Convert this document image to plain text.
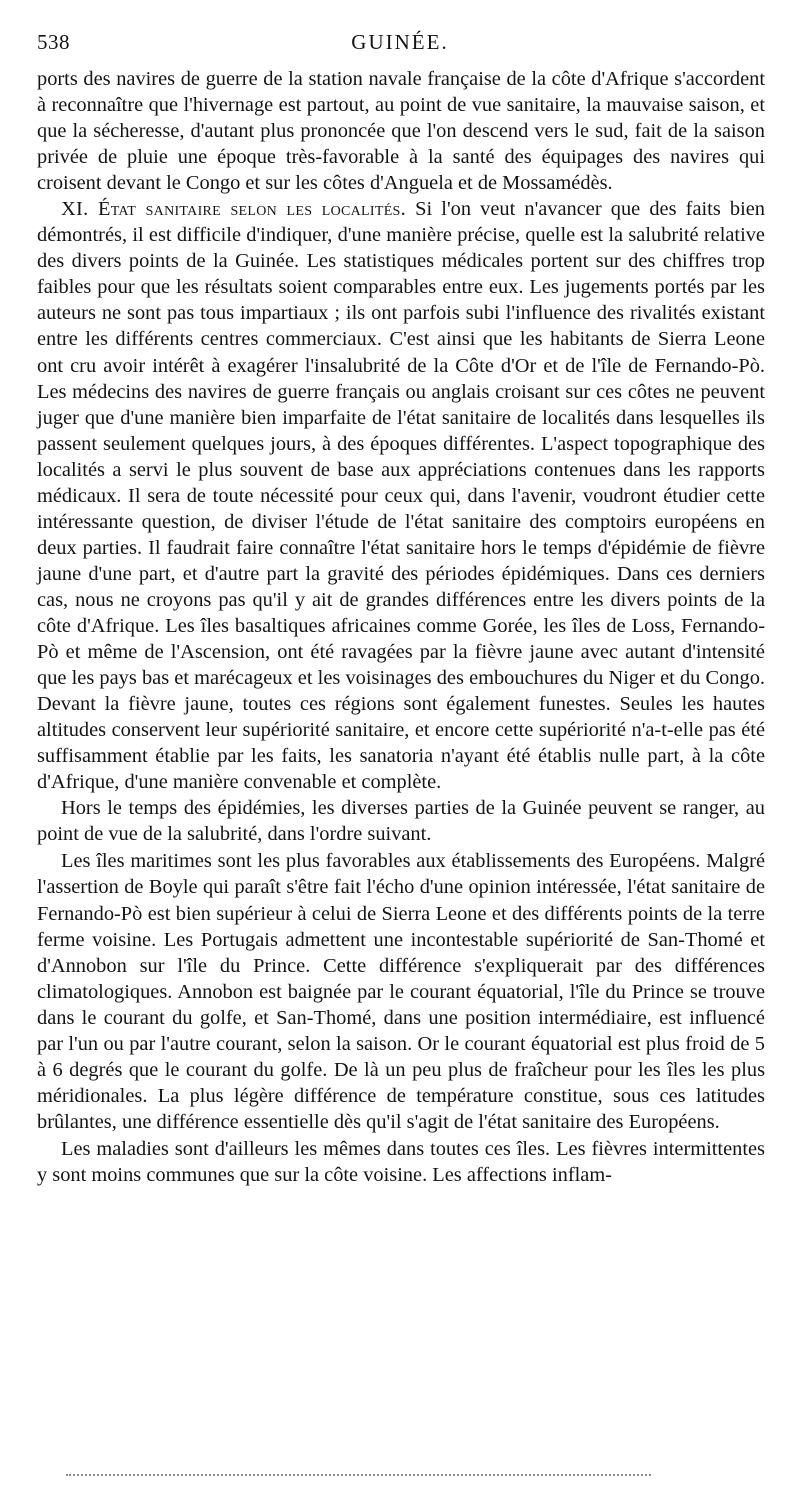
538	GUINÉE.

ports des navires de guerre de la station navale française de la côte d'Afrique s'accordent à reconnaître que l'hivernage est partout, au point de vue sanitaire, la mauvaise saison, et que la sécheresse, d'autant plus prononcée que l'on descend vers le sud, fait de la saison privée de pluie une époque très-favorable à la santé des équipages des navires qui croisent devant le Congo et sur les côtes d'Anguela et de Mossamédès.

XI. État sanitaire selon les localités. Si l'on veut n'avancer que des faits bien démontrés, il est difficile d'indiquer, d'une manière précise, quelle est la salubrité relative des divers points de la Guinée. Les statistiques médicales portent sur des chiffres trop faibles pour que les résultats soient comparables entre eux. Les jugements portés par les auteurs ne sont pas tous impartiaux ; ils ont parfois subi l'influence des rivalités existant entre les différents centres commerciaux. C'est ainsi que les habitants de Sierra Leone ont cru avoir intérêt à exagérer l'insalubrité de la Côte d'Or et de l'île de Fernando-Pò. Les médecins des navires de guerre français ou anglais croisant sur ces côtes ne peuvent juger que d'une manière bien imparfaite de l'état sanitaire de localités dans lesquelles ils passent seulement quelques jours, à des époques différentes. L'aspect topographique des localités a servi le plus souvent de base aux appréciations contenues dans les rapports médicaux. Il sera de toute nécessité pour ceux qui, dans l'avenir, voudront étudier cette intéressante question, de diviser l'étude de l'état sanitaire des comptoirs européens en deux parties. Il faudrait faire connaître l'état sanitaire hors le temps d'épidémie de fièvre jaune d'une part, et d'autre part la gravité des périodes épidémiques. Dans ces derniers cas, nous ne croyons pas qu'il y ait de grandes différences entre les divers points de la côte d'Afrique. Les îles basaltiques africaines comme Gorée, les îles de Loss, Fernando-Pò et même de l'Ascension, ont été ravagées par la fièvre jaune avec autant d'intensité que les pays bas et marécageux et les voisinages des embouchures du Niger et du Congo. Devant la fièvre jaune, toutes ces régions sont également funestes. Seules les hautes altitudes conservent leur supériorité sanitaire, et encore cette supériorité n'a-t-elle pas été suffisamment établie par les faits, les sanatoria n'ayant été établis nulle part, à la côte d'Afrique, d'une manière convenable et complète.

Hors le temps des épidémies, les diverses parties de la Guinée peuvent se ranger, au point de vue de la salubrité, dans l'ordre suivant.

Les îles maritimes sont les plus favorables aux établissements des Européens. Malgré l'assertion de Boyle qui paraît s'être fait l'écho d'une opinion intéressée, l'état sanitaire de Fernando-Pò est bien supérieur à celui de Sierra Leone et des différents points de la terre ferme voisine. Les Portugais admettent une incontestable supériorité de San-Thomé et d'Annobon sur l'île du Prince. Cette différence s'expliquerait par des différences climatologiques. Annobon est baignée par le courant équatorial, l'île du Prince se trouve dans le courant du golfe, et San-Thomé, dans une position intermédiaire, est influencé par l'un ou par l'autre courant, selon la saison. Or le courant équatorial est plus froid de 5 à 6 degrés que le courant du golfe. De là un peu plus de fraîcheur pour les îles les plus méridionales. La plus légère différence de température constitue, sous ces latitudes brûlantes, une différence essentielle dès qu'il s'agit de l'état sanitaire des Européens.

Les maladies sont d'ailleurs les mêmes dans toutes ces îles. Les fièvres intermittentes y sont moins communes que sur la côte voisine. Les affections inflam-
